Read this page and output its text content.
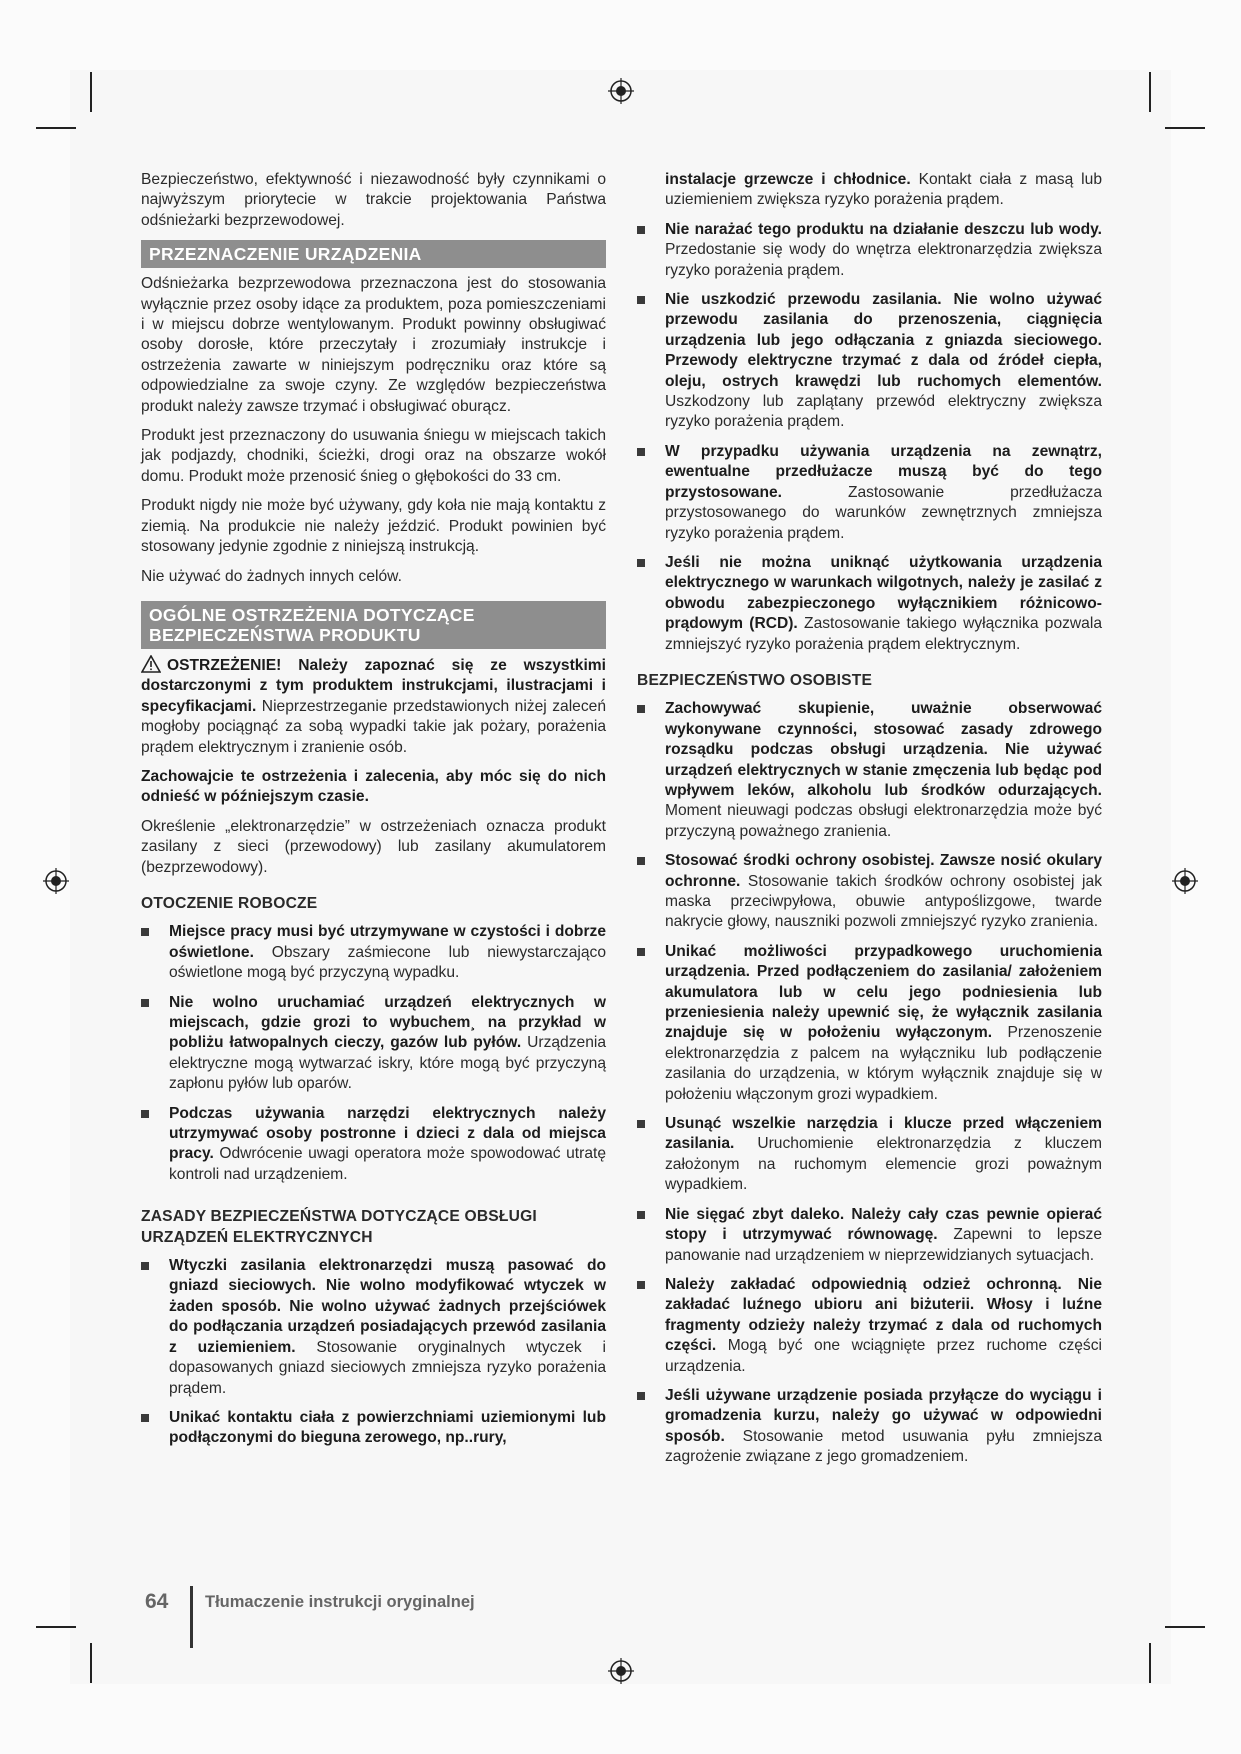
Bezpieczeństwo, efektywność i niezawodność były czynnikami o najwyższym priorytecie w trakcie projektowania Państwa odśnieżarki bezprzewodowej.

PRZEZNACZENIE URZĄDZENIA

Odśnieżarka bezprzewodowa przeznaczona jest do stosowania wyłącznie przez osoby idące za produktem, poza pomieszczeniami i w miejscu dobrze wentylowanym. Produkt powinny obsługiwać osoby dorosłe, które przeczytały i zrozumiały instrukcje i ostrzeżenia zawarte w niniejszym podręczniku oraz które są odpowiedzialne za swoje czyny. Ze względów bezpieczeństwa produkt należy zawsze trzymać i obsługiwać oburącz.

Produkt jest przeznaczony do usuwania śniegu w miejscach takich jak podjazdy, chodniki, ścieżki, drogi oraz na obszarze wokół domu. Produkt może przenosić śnieg o głębokości do 33 cm.

Produkt nigdy nie może być używany, gdy koła nie mają kontaktu z ziemią. Na produkcie nie należy jeździć. Produkt powinien być stosowany jedynie zgodnie z niniejszą instrukcją.

Nie używać do żadnych innych celów.

OGÓLNE OSTRZEŻENIA DOTYCZĄCE
BEZPIECZEŃSTWA PRODUKTU

OSTRZEŻENIE! Należy zapoznać się ze wszystkimi dostarczonymi z tym produktem instrukcjami, ilustracjami i specyfikacjami. Nieprzestrzeganie przedstawionych niżej zaleceń mogłoby pociągnąć za sobą wypadki takie jak pożary, porażenia prądem elektrycznym i zranienie osób.

Zachowajcie te ostrzeżenia i zalecenia, aby móc się do nich odnieść w późniejszym czasie.

Określenie „elektronarzędzie” w ostrzeżeniach oznacza produkt zasilany z sieci (przewodowy) lub zasilany akumulatorem (bezprzewodowy).

OTOCZENIE ROBOCZE
Miejsce pracy musi być utrzymywane w czystości i dobrze oświetlone. Obszary zaśmiecone lub niewystarczająco oświetlone mogą być przyczyną wypadku.
Nie wolno uruchamiać urządzeń elektrycznych w miejscach, gdzie grozi to wybuchem¸ na przykład w pobliżu łatwopalnych cieczy, gazów lub pyłów. Urządzenia elektryczne mogą wytwarzać iskry, które mogą być przyczyną zapłonu pyłów lub oparów.
Podczas używania narzędzi elektrycznych należy utrzymywać osoby postronne i dzieci z dala od miejsca pracy. Odwrócenie uwagi operatora może spowodować utratę kontroli nad urządzeniem.
ZASADY BEZPIECZEŃSTWA DOTYCZĄCE OBSŁUGI URZĄDZEŃ ELEKTRYCZNYCH
Wtyczki zasilania elektronarzędzi muszą pasować do gniazd sieciowych. Nie wolno modyfikować wtyczek w żaden sposób. Nie wolno używać żadnych przejściówek do podłączania urządzeń posiadających przewód zasilania z uziemieniem. Stosowanie oryginalnych wtyczek i dopasowanych gniazd sieciowych zmniejsza ryzyko porażenia prądem.
Unikać kontaktu ciała z powierzchniami uziemionymi lub podłączonymi do bieguna zerowego, np..rury,

instalacje grzewcze i chłodnice. Kontakt ciała z masą lub uziemieniem zwiększa ryzyko porażenia prądem.

Nie narażać tego produktu na działanie deszczu lub wody. Przedostanie się wody do wnętrza elektronarzędzia zwiększa ryzyko porażenia prądem.
Nie uszkodzić przewodu zasilania. Nie wolno używać przewodu zasilania do przenoszenia, ciągnięcia urządzenia lub jego odłączania z gniazda sieciowego. Przewody elektryczne trzymać z dala od źródeł ciepła, oleju, ostrych krawędzi lub ruchomych elementów. Uszkodzony lub zaplątany przewód elektryczny zwiększa ryzyko porażenia prądem.
W przypadku używania urządzenia na zewnątrz, ewentualne przedłużacze muszą być do tego przystosowane. Zastosowanie przedłużacza przystosowanego do warunków zewnętrznych zmniejsza ryzyko porażenia prądem.
Jeśli nie można uniknąć użytkowania urządzenia elektrycznego w warunkach wilgotnych, należy je zasilać z obwodu zabezpieczonego wyłącznikiem różnicowo-prądowym (RCD). Zastosowanie takiego wyłącznika pozwala zmniejszyć ryzyko porażenia prądem elektrycznym.
BEZPIECZEŃSTWO OSOBISTE
Zachowywać skupienie, uważnie obserwować wykonywane czynności, stosować zasady zdrowego rozsądku podczas obsługi urządzenia. Nie używać urządzeń elektrycznych w stanie zmęczenia lub będąc pod wpływem leków, alkoholu lub środków odurzających. Moment nieuwagi podczas obsługi elektronarzędzia może być przyczyną poważnego zranienia.
Stosować środki ochrony osobistej. Zawsze nosić okulary ochronne. Stosowanie takich środków ochrony osobistej jak maska przeciwpyłowa, obuwie antypoślizgowe, twarde nakrycie głowy, nauszniki pozwoli zmniejszyć ryzyko zranienia.
Unikać możliwości przypadkowego uruchomienia urządzenia. Przed podłączeniem do zasilania/ założeniem akumulatora lub w celu jego podniesienia lub przeniesienia należy upewnić się, że wyłącznik zasilania znajduje się w położeniu wyłączonym. Przenoszenie elektronarzędzia z palcem na wyłączniku lub podłączenie zasilania do urządzenia, w którym wyłącznik znajduje się w położeniu włączonym grozi wypadkiem.
Usunąć wszelkie narzędzia i klucze przed włączeniem zasilania. Uruchomienie elektronarzędzia z kluczem założonym na ruchomym elemencie grozi poważnym wypadkiem.
Nie sięgać zbyt daleko. Należy cały czas pewnie opierać stopy i utrzymywać równowagę. Zapewni to lepsze panowanie nad urządzeniem w nieprzewidzianych sytuacjach.
Należy zakładać odpowiednią odzież ochronną. Nie zakładać luźnego ubioru ani biżuterii. Włosy i luźne fragmenty odzieży należy trzymać z dala od ruchomych części. Mogą być one wciągnięte przez ruchome części urządzenia.
Jeśli używane urządzenie posiada przyłącze do wyciągu i gromadzenia kurzu, należy go używać w odpowiedni sposób. Stosowanie metod usuwania pyłu zmniejsza zagrożenie związane z jego gromadzeniem.
64 Tłumaczenie instrukcji oryginalnej
